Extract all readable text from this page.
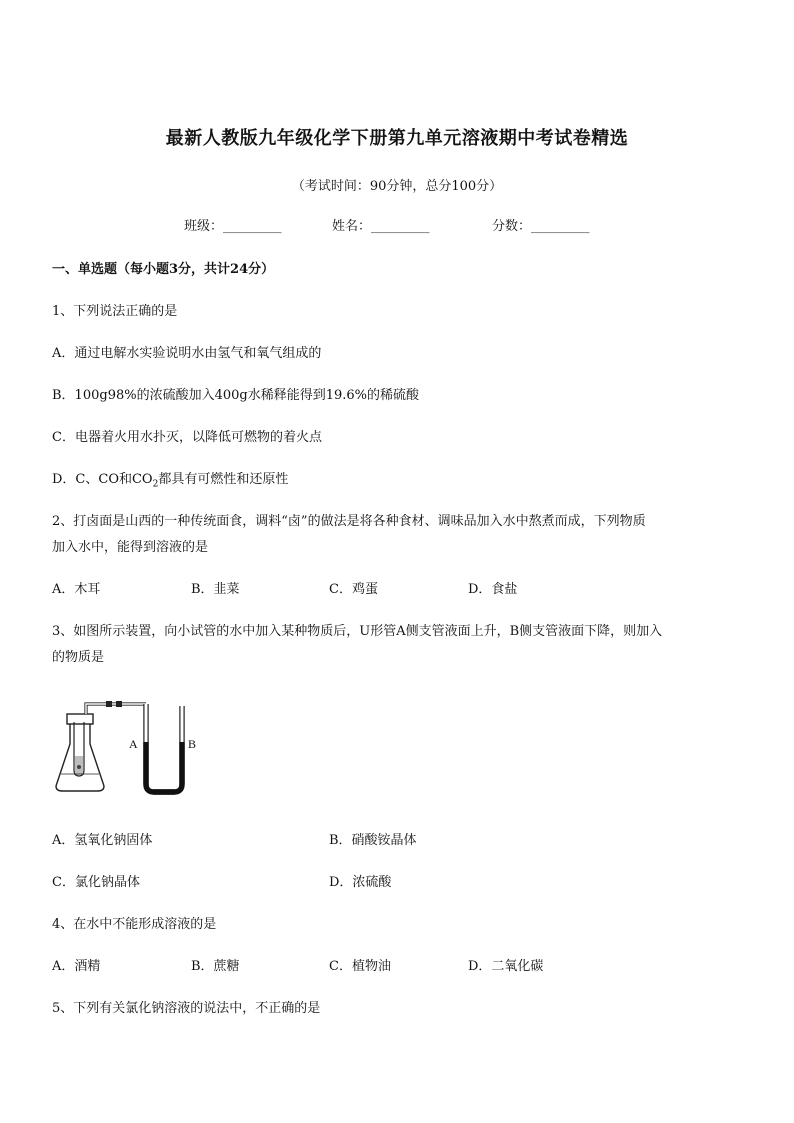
最新人教版九年级化学下册第九单元溶液期中考试卷精选
（考试时间：90分钟，总分100分）
班级：_________	姓名：_________	分数：_________
一、单选题（每小题3分，共计24分）
1、下列说法正确的是
A．通过电解水实验说明水由氢气和氧气组成的
B．100g98%的浓硫酸加入400g水稀释能得到19.6%的稀硫酸
C．电器着火用水扑灭，以降低可燃物的着火点
D．C、CO和$CO_2$都具有可燃性和还原性
2、打卤面是山西的一种传统面食，调料“卤”的做法是将各种食材、调味品加入水中熬煮而成，下列物质
加入水中，能得到溶液的是
A．木耳	B．韭菜	C．鸡蛋	D．食盐
3、如图所示装置，向小试管的水中加入某种物质后，U形管A侧支管液面上升，B侧支管液面下降，则加入
的物质是
A	B
A．氢氧化钠固体	B．硝酸铵晶体
C．氯化钠晶体	D．浓硫酸
4、在水中不能形成溶液的是
A．酒精	B．蔗糖	C．植物油	D．二氧化碳
5、下列有关氯化钠溶液的说法中，不正确的是
